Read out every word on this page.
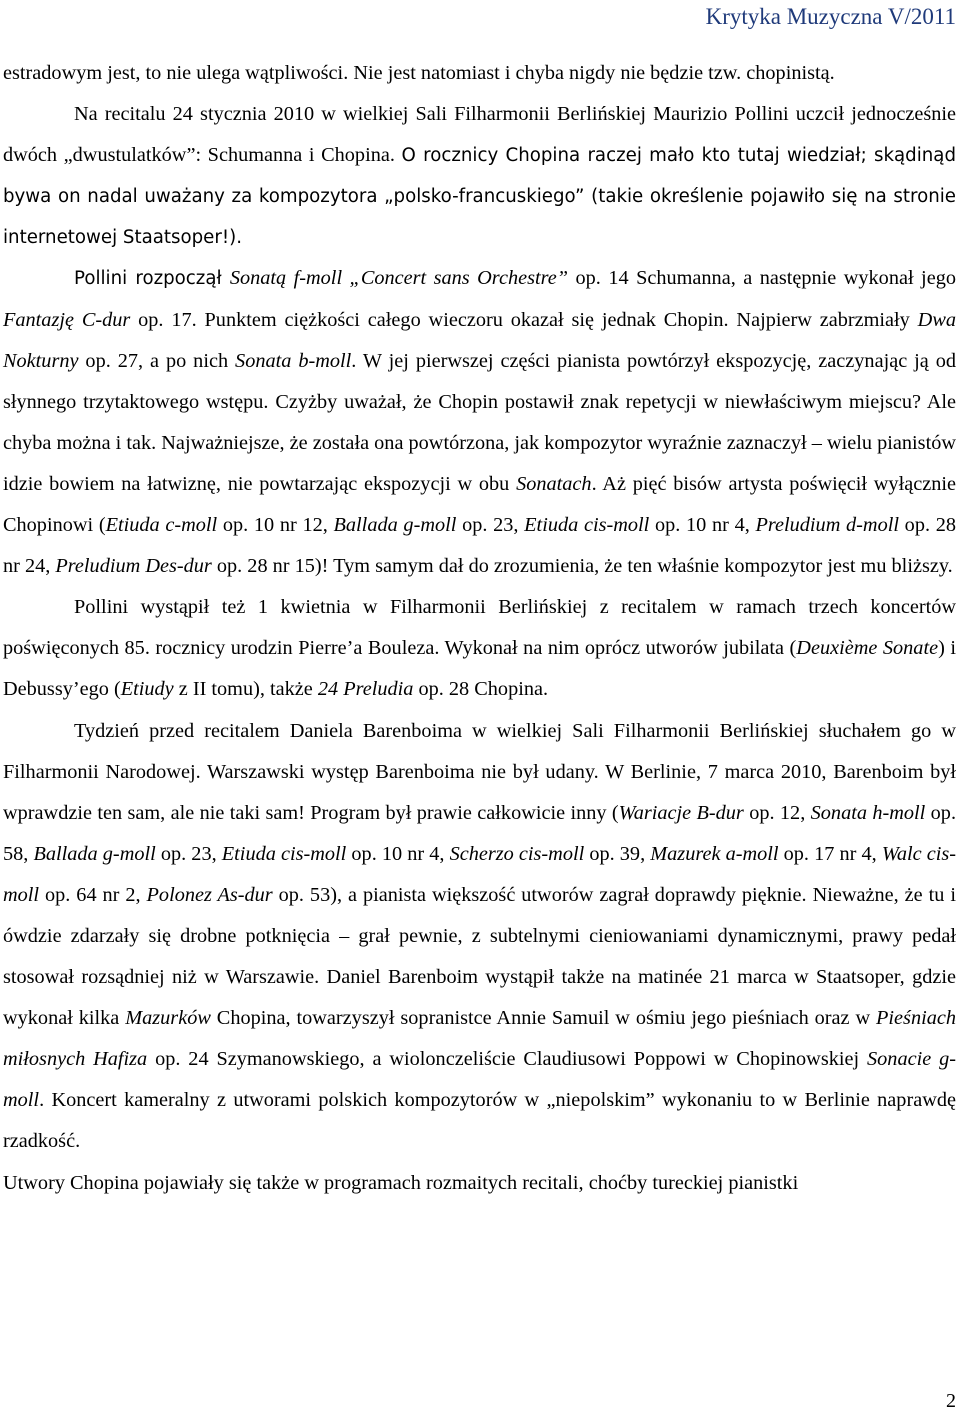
Krytyka Muzyczna V/2011

estradowym jest, to nie ulega wątpliwości. Nie jest natomiast i chyba nigdy nie będzie tzw. chopinistą.

Na recitalu 24 stycznia 2010 w wielkiej Sali Filharmonii Berlińskiej Maurizio Pollini uczcił jednocześnie dwóch „dwustulatków”: Schumanna i Chopina. O rocznicy Chopina raczej mało kto tutaj wiedział; skądinąd bywa on nadal uważany za kompozytora „polsko-francuskiego” (takie określenie pojawiło się na stronie internetowej Staatsoper!).

Pollini rozpoczął Sonatą f-moll „Concert sans Orchestre” op. 14 Schumanna, a następnie wykonał jego Fantazję C-dur op. 17. Punktem ciężkości całego wieczoru okazał się jednak Chopin. Najpierw zabrzmiały Dwa Nokturny op. 27, a po nich Sonata b-moll. W jej pierwszej części pianista powtórzył ekspozycję, zaczynając ją od słynnego trzytaktowego wstępu. Czyżby uważał, że Chopin postawił znak repetycji w niewłaściwym miejscu? Ale chyba można i tak. Najważniejsze, że została ona powtórzona, jak kompozytor wyraźnie zaznaczył – wielu pianistów idzie bowiem na łatwiznę, nie powtarzając ekspozycji w obu Sonatach. Aż pięć bisów artysta poświęcił wyłącznie Chopinowi (Etiuda c-moll op. 10 nr 12, Ballada g-moll op. 23, Etiuda cis-moll op. 10 nr 4, Preludium d-moll op. 28 nr 24, Preludium Des-dur op. 28 nr 15)! Tym samym dał do zrozumienia, że ten właśnie kompozytor jest mu bliższy.

Pollini wystąpił też 1 kwietnia w Filharmonii Berlińskiej z recitalem w ramach trzech koncertów poświęconych 85. rocznicy urodzin Pierre’a Bouleza. Wykonał na nim oprócz utworów jubilata (Deuxième Sonate) i Debussy’ego (Etiudy z II tomu), także 24 Preludia op. 28 Chopina.

Tydzień przed recitalem Daniela Barenboima w wielkiej Sali Filharmonii Berlińskiej słuchałem go w Filharmonii Narodowej. Warszawski występ Barenboima nie był udany. W Berlinie, 7 marca 2010, Barenboim był wprawdzie ten sam, ale nie taki sam! Program był prawie całkowicie inny (Wariacje B-dur op. 12, Sonata h-moll op. 58, Ballada g-moll op. 23, Etiuda cis-moll op. 10 nr 4, Scherzo cis-moll op. 39, Mazurek a-moll op. 17 nr 4, Walc cis-moll op. 64 nr 2, Polonez As-dur op. 53), a pianista większość utworów zagrał doprawdy pięknie. Nieważne, że tu i ówdzie zdarzały się drobne potknięcia – grał pewnie, z subtelnymi cieniowaniami dynamicznymi, prawy pedał stosował rozsądniej niż w Warszawie. Daniel Barenboim wystąpił także na matinée 21 marca w Staatsoper, gdzie wykonał kilka Mazurków Chopina, towarzyszył sopranistce Annie Samuil w ośmiu jego pieśniach oraz w Pieśniach miłosnych Hafiza op. 24 Szymanowskiego, a wiolonczeliście Claudiusowi Poppowi w Chopinowskiej Sonacie g-moll. Koncert kameralny z utworami polskich kompozytorów w „niepolskim” wykonaniu to w Berlinie naprawdę rzadkość.

Utwory Chopina pojawiały się także w programach rozmaitych recitali, choćby tureckiej pianistki

2
